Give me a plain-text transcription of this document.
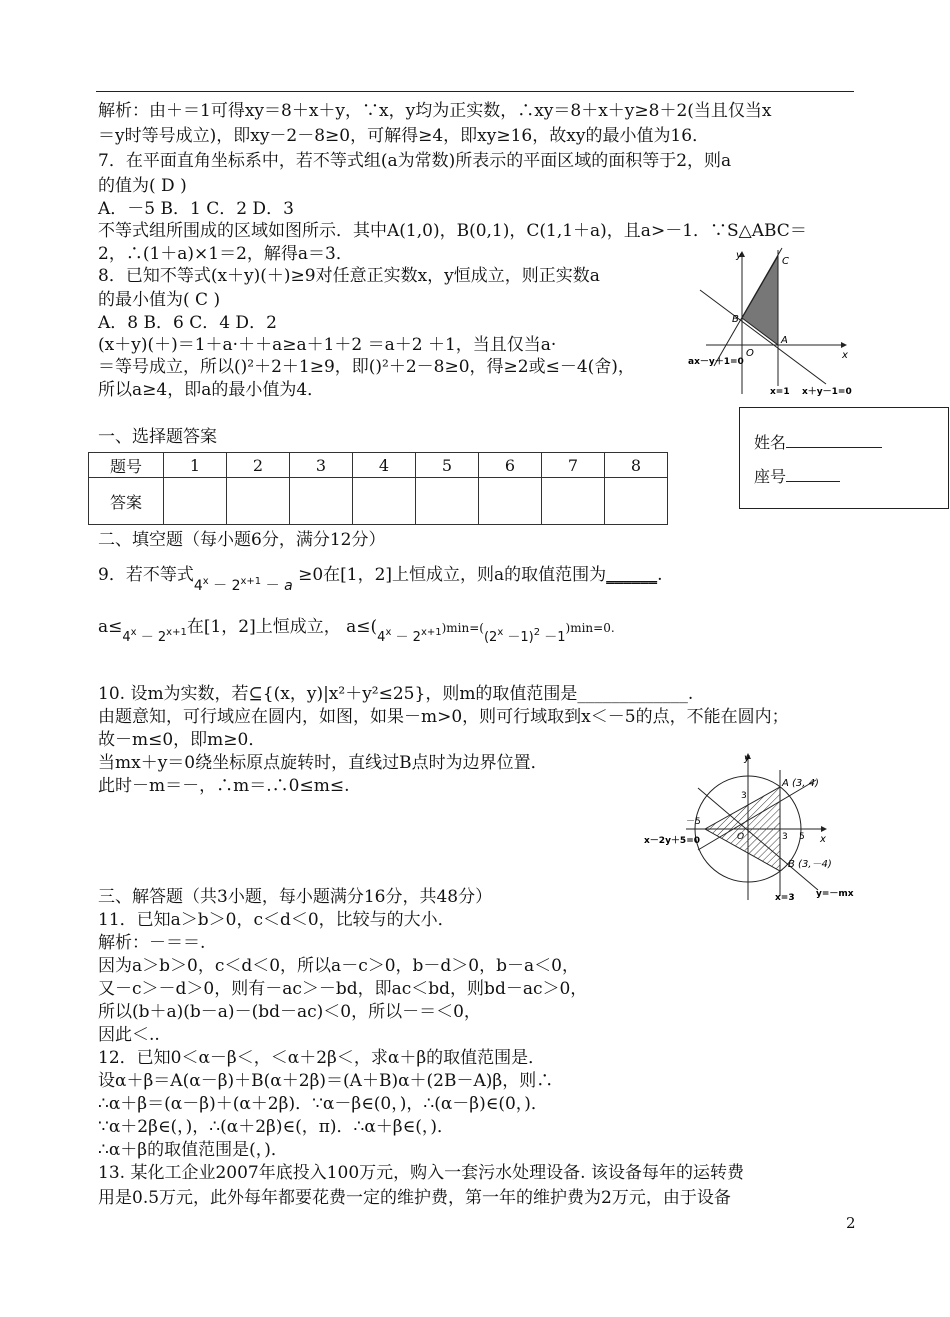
解析：由＋＝1可得xy＝8＋x＋y，∵x，y均为正实数，∴xy＝8＋x＋y≥8＋2(当且仅当x
＝y时等号成立)，即xy－2－8≥0，可解得≥4，即xy≥16，故xy的最小值为16．
7．在平面直角坐标系中，若不等式组(a为常数)所表示的平面区域的面积等于2，则a
的值为( D )
A．－5 B．1 C．2 D．3
不等式组所围成的区域如图所示．其中A(1,0)，B(0,1)，C(1,1＋a)，且a>－1．∵S△ABC＝
2，∴(1＋a)×1＝2，解得a＝3．
8．已知不等式(x＋y)(＋)≥9对任意正实数x，y恒成立，则正实数a
的最小值为( C )
A．8 B．6 C．4 D．2
(x＋y)(＋)＝1＋a·＋＋a≥a＋1＋2 ＝a＋2 ＋1，当且仅当a·
＝等号成立，所以()²＋2＋1≥9，即()²＋2－8≥0，得≥2或≤－4(舍)，
所以a≥4，即a的最小值为4．
一、选择题答案
二、填空题（每小题6分，满分12分）
10. 设m为实数，若⊆{(x，y)|x²＋y²≤25}，则m的取值范围是_____________.
由题意知，可行域应在圆内，如图，如果－m>0，则可行域取到x＜－5的点，不能在圆内；
故－m≤0，即m≥0．
当mx＋y＝0绕坐标原点旋转时，直线过B点时为边界位置．
此时－m＝－，∴m＝.∴0≤m≤.
三、解答题（共3小题，每小题满分16分，共48分）
11．已知a＞b＞0，c＜d＜0，比较与的大小．
解析：－＝＝.
因为a＞b＞0，c＜d＜0，所以a－c＞0，b－d＞0，b－a＜0，
又－c＞－d＞0，则有－ac＞－bd，即ac＜bd，则bd－ac＞0，
所以(b＋a)(b－a)－(bd－ac)＜0，所以－＝＜0，
因此＜..
12．已知0＜α－β＜，＜α＋2β＜，求α＋β的取值范围是．
设α＋β＝A(α－β)＋B(α＋2β)＝(A＋B)α＋(2B－A)β，则∴
∴α＋β＝(α－β)＋(α＋2β)．∵α－β∈(0，)，∴(α－β)∈(0，)．
∵α＋2β∈(，)，∴(α＋2β)∈(，π)．∴α＋β∈(，)．
∴α＋β的取值范围是(，)．
13. 某化工企业2007年底投入100万元，购入一套污水处理设备. 该设备每年的运转费
用是0.5万元，此外每年都要花费一定的维护费，第一年的维护费为2万元，由于设备
9．若不等式$4^x - 2^{x+1} - a \ge 0$在[1，2]上恒成立，则a的取值范围为______.
$a\le 4^x - 2^{x+1}$在[1，2]上恒成立， $a\le(4^x - 2^{x+1})\min=((2^x -1)^2 -1)\min=0$.
题号	1	2	3	4	5	6	7	8
答案								
姓名
座号
y
x
C
B
A
O
ax－y＋1=0
x=1 x＋y－1=0
y
x
A (3, 4)
B (3,－4)
O
－5
3 5
3
x－2y＋5=0
x=3 y=－mx
2
